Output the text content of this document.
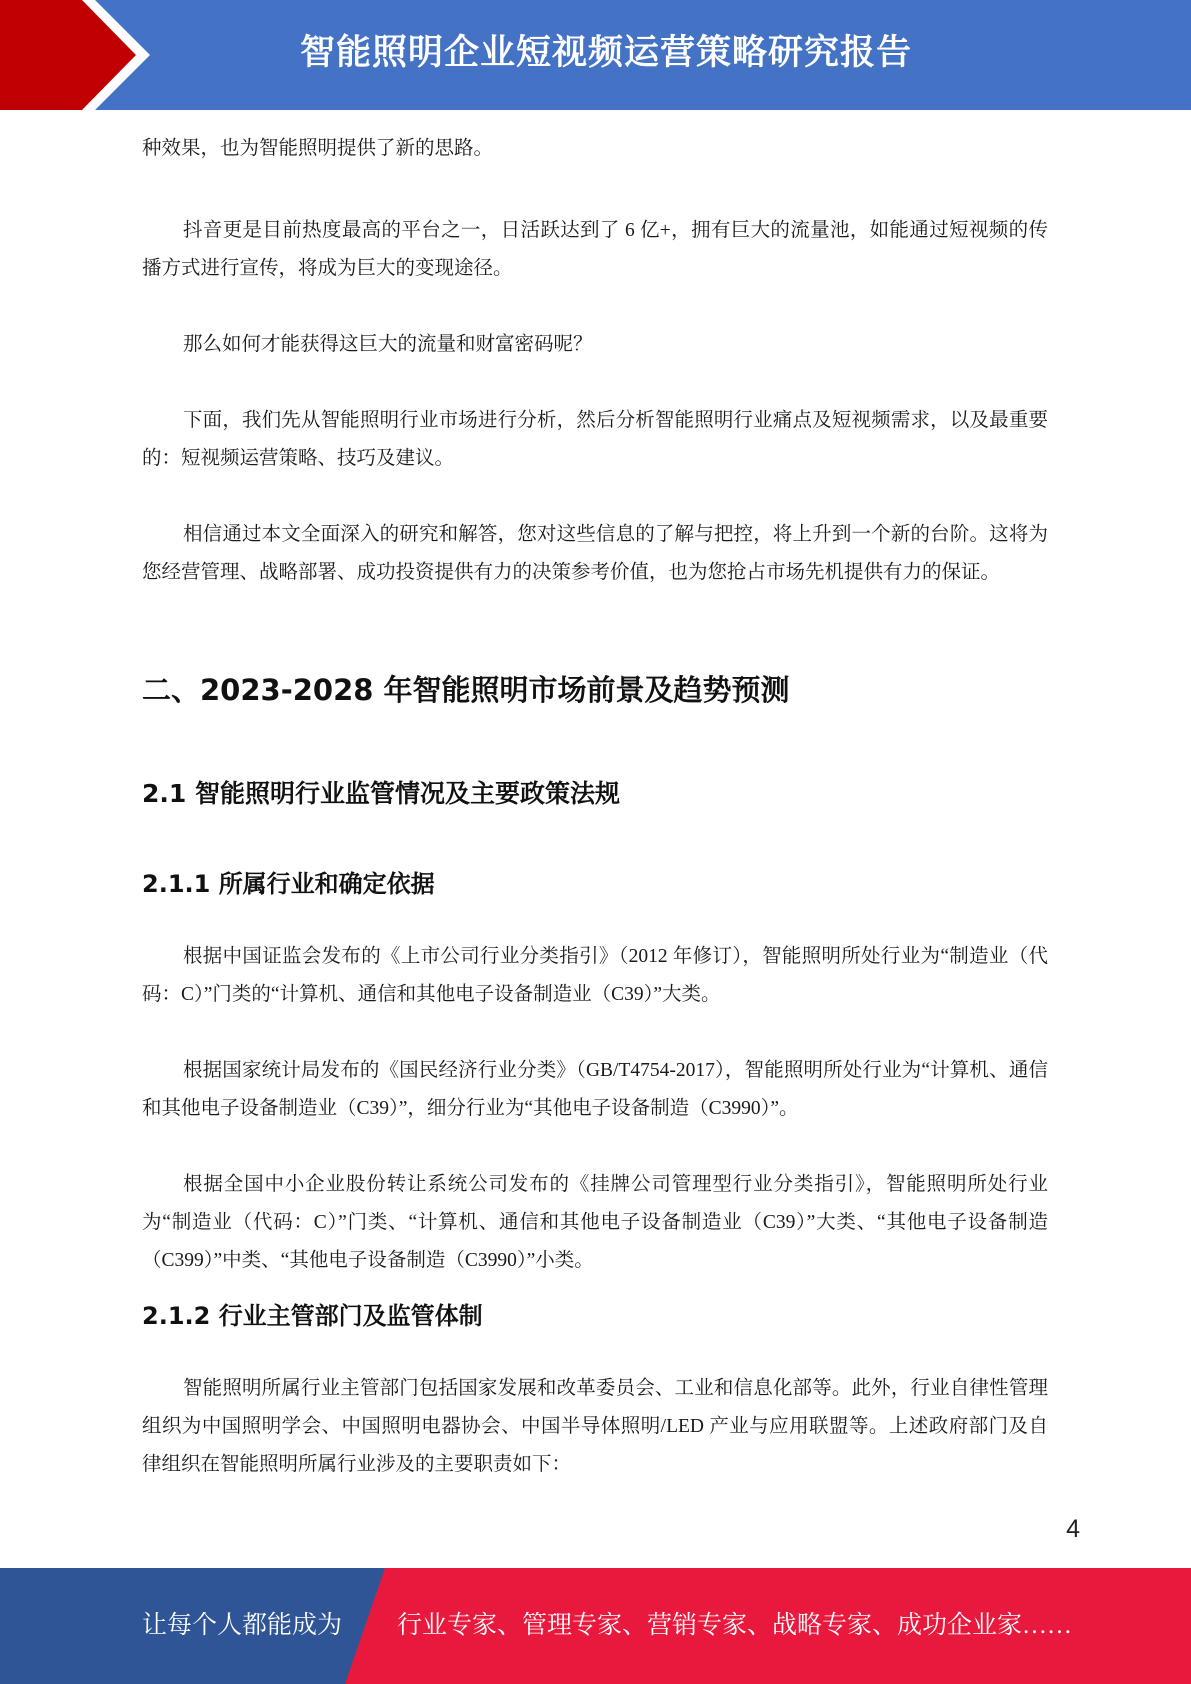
智能照明企业短视频运营策略研究报告

种效果，也为智能照明提供了新的思路。

抖音更是目前热度最高的平台之一，日活跃达到了 6 亿+，拥有巨大的流量池，如能通过短视频的传播方式进行宣传，将成为巨大的变现途径。

那么如何才能获得这巨大的流量和财富密码呢？

下面，我们先从智能照明行业市场进行分析，然后分析智能照明行业痛点及短视频需求，以及最重要的：短视频运营策略、技巧及建议。

相信通过本文全面深入的研究和解答，您对这些信息的了解与把控，将上升到一个新的台阶。这将为您经营管理、战略部署、成功投资提供有力的决策参考价值，也为您抢占市场先机提供有力的保证。

二、2023-2028 年智能照明市场前景及趋势预测
2.1 智能照明行业监管情况及主要政策法规
2.1.1 所属行业和确定依据

根据中国证监会发布的《上市公司行业分类指引》（2012 年修订），智能照明所处行业为“制造业（代码：C）”门类的“计算机、通信和其他电子设备制造业（C39）”大类。

根据国家统计局发布的《国民经济行业分类》（GB/T4754-2017），智能照明所处行业为“计算机、通信和其他电子设备制造业（C39）”，细分行业为“其他电子设备制造（C3990）”。

根据全国中小企业股份转让系统公司发布的《挂牌公司管理型行业分类指引》，智能照明所处行业为“制造业（代码：C）”门类、“计算机、通信和其他电子设备制造业（C39）”大类、“其他电子设备制造（C399）”中类、“其他电子设备制造（C3990）”小类。

2.1.2 行业主管部门及监管体制

智能照明所属行业主管部门包括国家发展和改革委员会、工业和信息化部等。此外，行业自律性管理组织为中国照明学会、中国照明电器协会、中国半导体照明/LED 产业与应用联盟等。上述政府部门及自律组织在智能照明所属行业涉及的主要职责如下：

4
让每个人都能成为 行业专家、管理专家、营销专家、战略专家、成功企业家……
